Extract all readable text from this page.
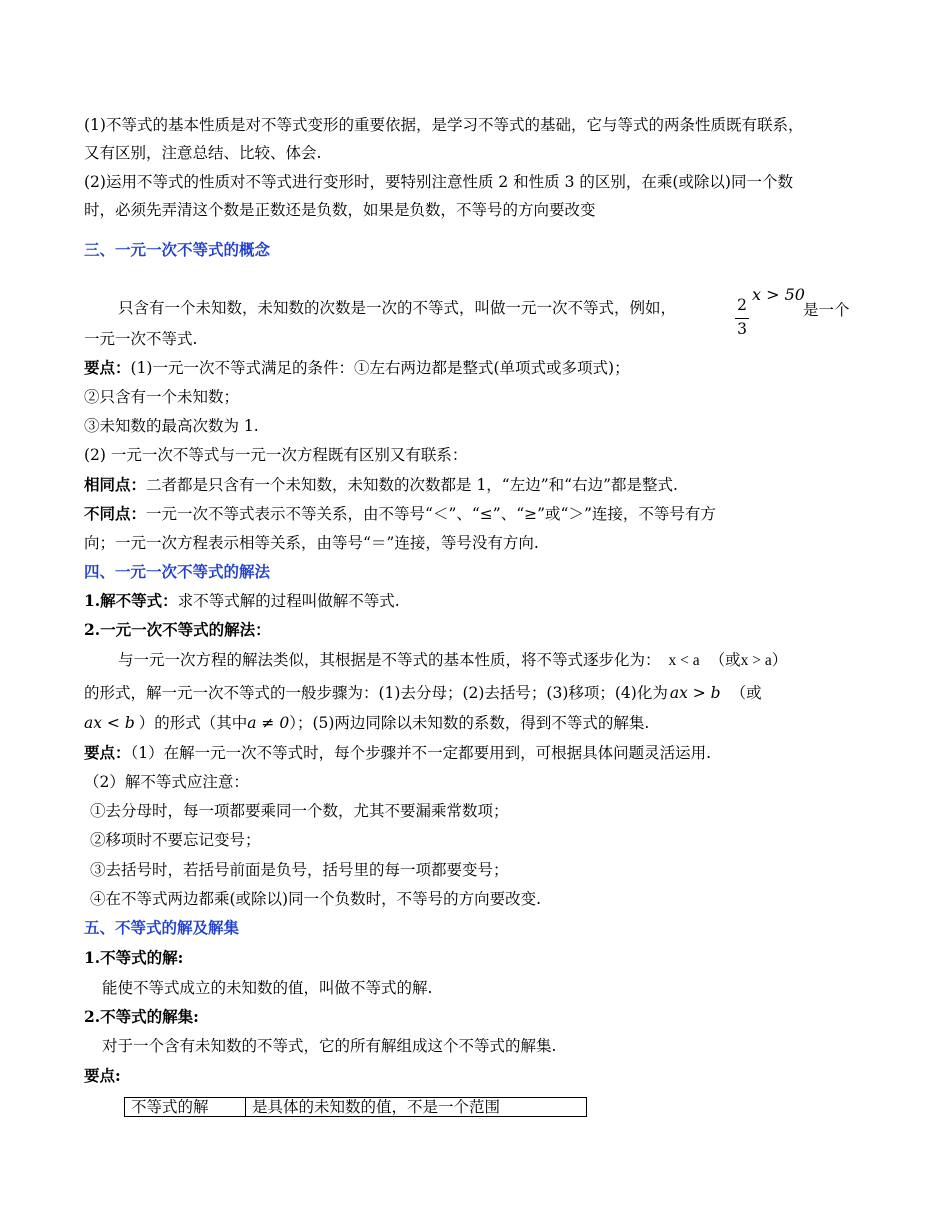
(1)不等式的基本性质是对不等式变形的重要依据，是学习不等式的基础，它与等式的两条性质既有联系，
又有区别，注意总结、比较、体会.
(2)运用不等式的性质对不等式进行变形时，要特别注意性质 2 和性质 3 的区别，在乘(或除以)同一个数
时，必须先弄清这个数是正数还是负数，如果是负数，不等号的方向要改变
三、一元一次不等式的概念
只含有一个未知数，未知数的次数是一次的不等式，叫做一元一次不等式，例如，	2
3
x > 50
是一个
一元一次不等式.
要点：(1)一元一次不等式满足的条件：①左右两边都是整式(单项式或多项式)；
②只含有一个未知数；
③未知数的最高次数为 1.
(2) 一元一次不等式与一元一次方程既有区别又有联系：
相同点：二者都是只含有一个未知数，未知数的次数都是 1，“左边”和“右边”都是整式.
不同点：一元一次不等式表示不等关系，由不等号“＜”、“≤”、“≥”或“＞”连接，不等号有方
向；一元一次方程表示相等关系，由等号“＝”连接，等号没有方向.
四、一元一次不等式的解法
1.解不等式：求不等式解的过程叫做解不等式.
2.一元一次不等式的解法：
与一元一次方程的解法类似，其根据是不等式的基本性质，将不等式逐步化为： x < a （或x > a）
的形式，解一元一次不等式的一般步骤为：(1)去分母；(2)去括号；(3)移项；(4)化为 ax > b （或
ax < b ）的形式（其中a ≠ 0）；(5)两边同除以未知数的系数，得到不等式的解集.
要点：（1）在解一元一次不等式时，每个步骤并不一定都要用到，可根据具体问题灵活运用.
（2）解不等式应注意：
①去分母时，每一项都要乘同一个数，尤其不要漏乘常数项；
②移项时不要忘记变号；
③去括号时，若括号前面是负号，括号里的每一项都要变号；
④在不等式两边都乘(或除以)同一个负数时，不等号的方向要改变.
五、不等式的解及解集
1.不等式的解:
能使不等式成立的未知数的值，叫做不等式的解.
2.不等式的解集:
对于一个含有未知数的不等式，它的所有解组成这个不等式的解集.
要点:
不等式的解	是具体的未知数的值，不是一个范围
